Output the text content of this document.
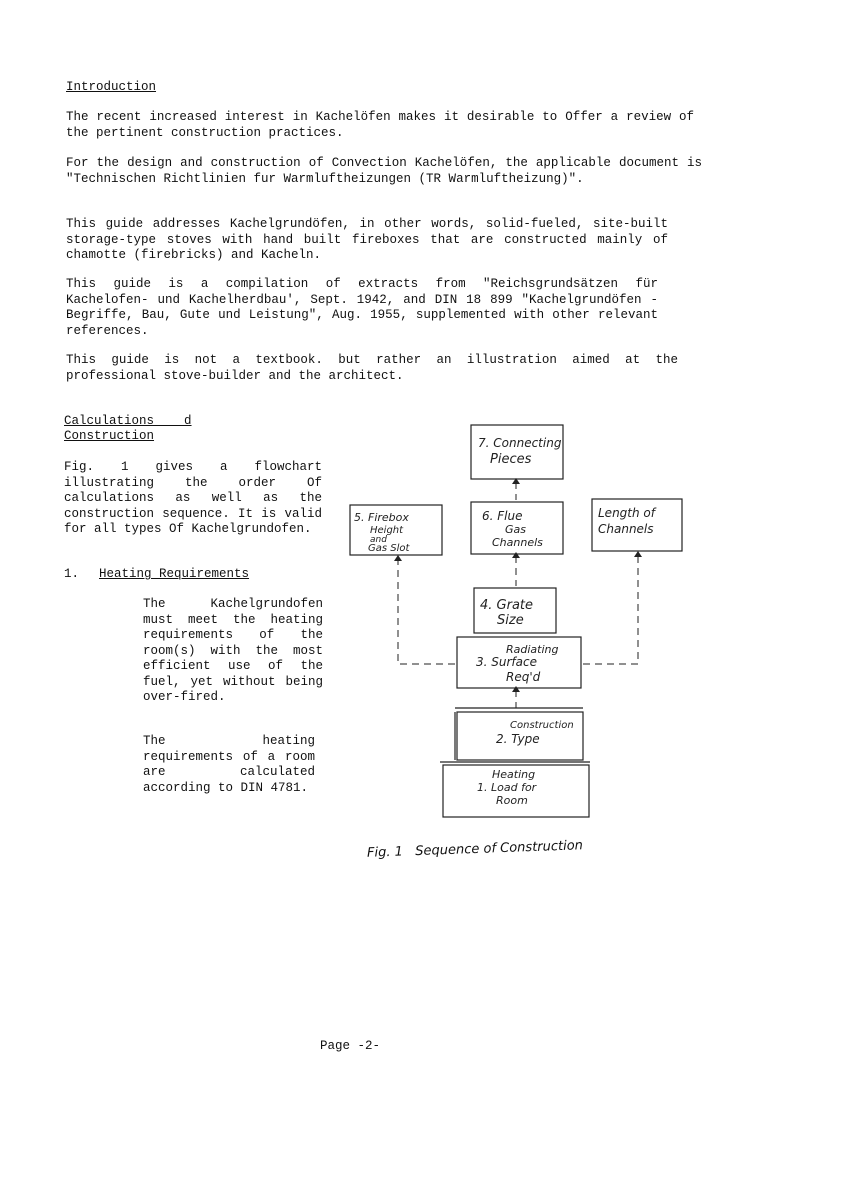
Introduction
The recent increased interest in Kachelöfen makes it desirable to Offer a review of the pertinent construction practices.
For the design and construction of Convection Kachelöfen, the applicable document is "Technischen Richtlinien fur Warmluftheizungen (TR Warmluftheizung)".
This guide addresses Kachelgrundöfen, in other words, solid-fueled, site-built storage-type stoves with hand built fireboxes that are constructed mainly of chamotte (firebricks) and Kacheln.
This guide is a compilation of extracts from "Reichsgrundsätzen für Kachelofen- und Kachelherdbau', Sept. 1942, and DIN 18 899 "Kachelgrundöfen - Begriffe, Bau, Gute und Leistung", Aug. 1955, supplemented with other relevant references.
This guide is not a textbook. but rather an illustration aimed at the professional stove-builder and the architect.
Calculations    d
Construction
Fig. 1 gives a flowchart illustrating the order Of calculations as well as the construction sequence. It is valid for all types Of Kachelgrundofen.
1. Heating Requirements
The Kachelgrundofen must meet the heating requirements of the room(s) with the most efficient use of the fuel, yet without being over-fired.
The heating requirements of a room are calculated according to DIN 4781.
7. Connecting
Pieces
5. Firebox
Height
and
Gas Slot
6. Flue
Gas
Channels
Length of
Channels
4. Grate
Size
Radiating
3. Surface
Req'd
Construction
2. Type
Heating
1. Load for
Room
Fig. 1   Sequence of Construction
Page -2-
